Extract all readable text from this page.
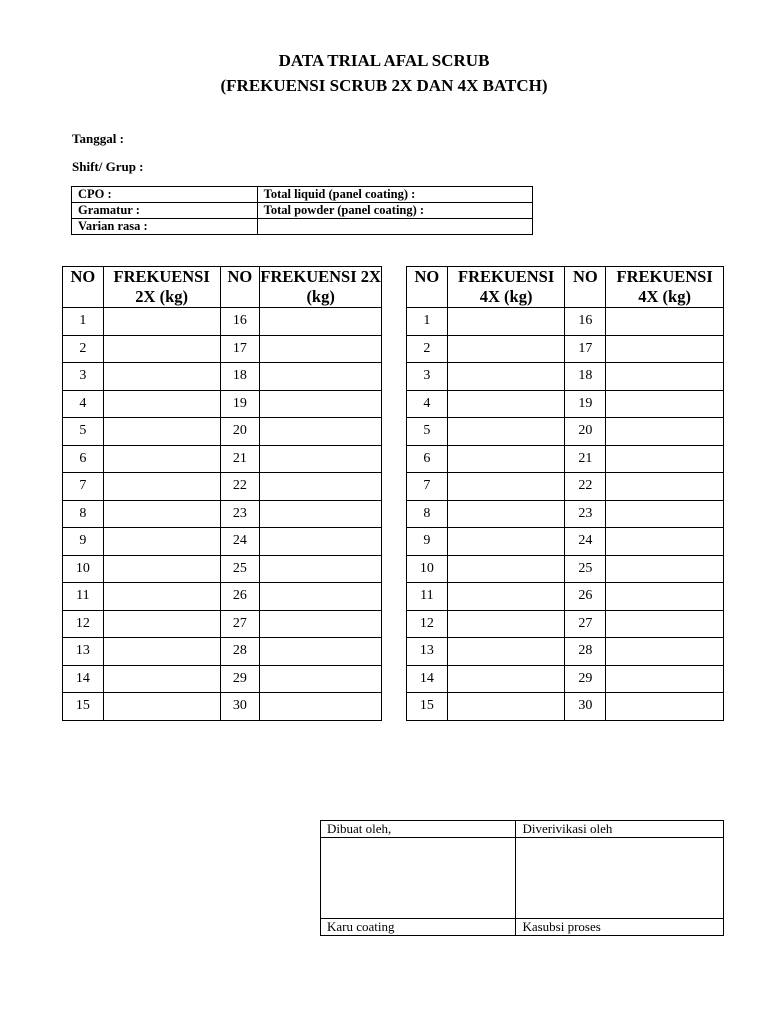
DATA TRIAL AFAL SCRUB
(FREKUENSI SCRUB 2X DAN 4X BATCH)
Tanggal :
Shift/ Grup :
CPO :	Total liquid (panel coating) :
Gramatur :	Total powder (panel coating) :
Varian rasa :	
NO	FREKUENSI 2X (kg)	NO	FREKUENSI 2X (kg)
1		16	
2		17	
3		18	
4		19	
5		20	
6		21	
7		22	
8		23	
9		24	
10		25	
11		26	
12		27	
13		28	
14		29	
15		30	
NO	FREKUENSI 4X (kg)	NO	FREKUENSI 4X (kg)
1		16	
2		17	
3		18	
4		19	
5		20	
6		21	
7		22	
8		23	
9		24	
10		25	
11		26	
12		27	
13		28	
14		29	
15		30	
Dibuat oleh,	Diverivikasi oleh

Karu coating	Kasubsi proses
